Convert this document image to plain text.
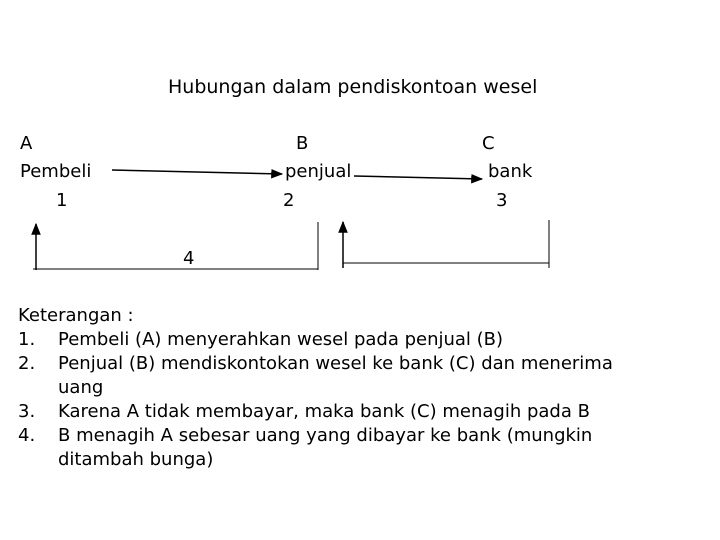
Hubungan dalam pendiskontoan wesel
A
Pembeli
1
B
penjual
2
C
bank
3
4
Keterangan :
1. Pembeli (A) menyerahkan wesel pada penjual (B)
2. Penjual (B) mendiskontokan wesel ke bank (C) dan menerima uang
3. Karena A tidak membayar, maka bank (C) menagih pada B
4. B menagih A sebesar uang yang dibayar ke bank (mungkin ditambah bunga)
